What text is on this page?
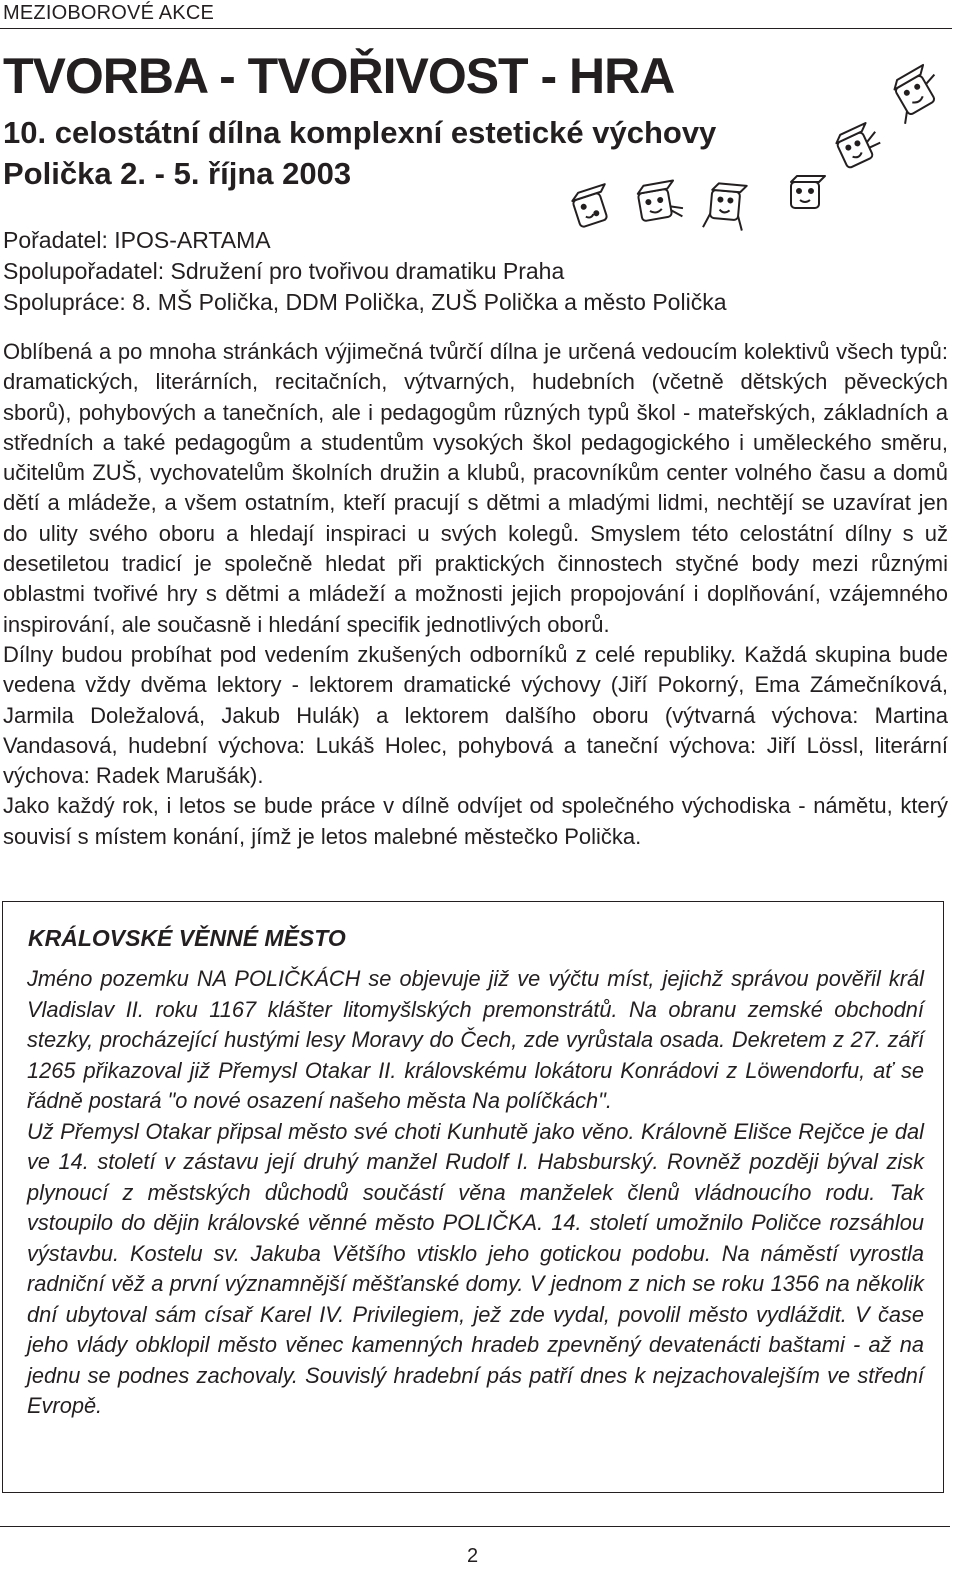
MEZIOBOROVÉ AKCE
TVORBA - TVOŘIVOST - HRA
10. celostátní dílna komplexní estetické výchovy
Polička 2. - 5. října 2003
Pořadatel: IPOS-ARTAMA
Spolupořadatel: Sdružení pro tvořivou dramatiku Praha
Spolupráce: 8. MŠ Polička, DDM Polička, ZUŠ Polička a město Polička

Oblíbená a po mnoha stránkách výjimečná tvůrčí dílna je určená vedoucím kolektivů všech typů: dramatických, literárních, recitačních, výtvarných, hudebních (včetně dětských pěveckých sborů), pohybových a tanečních, ale i pedagogům různých typů škol - mateřských, základních a středních a také pedagogům a studentům vysokých škol pedagogického i uměleckého směru, učitelům ZUŠ, vychovatelům školních družin a klubů, pracovníkům center volného času a domů dětí a mládeže, a všem ostatním, kteří pracují s dětmi a mladými lidmi, nechtějí se uzavírat jen do ulity svého oboru a hledají inspiraci u svých kolegů. Smyslem této celostátní dílny s už desetiletou tradicí je společně hledat při praktických činnostech styčné body mezi různými oblastmi tvořivé hry s dětmi a mládeží a možnosti jejich propojování i doplňování, vzájemného inspirování, ale současně i hledání specifik jednotlivých oborů.

Dílny budou probíhat pod vedením zkušených odborníků z celé republiky. Každá skupina bude vedena vždy dvěma lektory - lektorem dramatické výchovy (Jiří Pokorný, Ema Zámečníková, Jarmila Doležalová, Jakub Hulák) a lektorem dalšího oboru (výtvarná výchova: Martina Vandasová, hudební výchova: Lukáš Holec, pohybová a taneční výchova: Jiří Lössl, literární výchova: Radek Marušák).

Jako každý rok, i letos se bude práce v dílně odvíjet od společného východiska - námětu, který souvisí s místem konání, jímž je letos malebné městečko Polička.

KRÁLOVSKÉ VĚNNÉ MĚSTO

Jméno pozemku NA POLIČKÁCH se objevuje již ve výčtu míst, jejichž správou pověřil král Vladislav II. roku 1167 klášter litomyšlských premonstrátů. Na obranu zemské obchodní stezky, procházející hustými lesy Moravy do Čech, zde vyrůstala osada. Dekretem z 27. září 1265 přikazoval již Přemysl Otakar II. královskému lokátoru Konrádovi z Löwendorfu, ať se řádně postará "o nové osazení našeho města Na políčkách".

Už Přemysl Otakar připsal město své choti Kunhutě jako věno. Královně Elišce Rejčce je dal ve 14. století v zástavu její druhý manžel Rudolf I. Habsburský. Rovněž později býval zisk plynoucí z městských důchodů součástí věna manželek členů vládnoucího rodu. Tak vstoupilo do dějin královské věnné město POLIČKA. 14. století umožnilo Poličce rozsáhlou výstavbu. Kostelu sv. Jakuba Většího vtisklo jeho gotickou podobu. Na náměstí vyrostla radniční věž a první významnější měšťanské domy. V jednom z nich se roku 1356 na několik dní ubytoval sám císař Karel IV. Privilegiem, jež zde vydal, povolil město vydláždit. V čase jeho vlády obklopil město věnec kamenných hradeb zpevněný devatenácti baštami - až na jednu se podnes zachovaly. Souvislý hradební pás patří dnes k nejzachovalejším ve střední Evropě.

2
